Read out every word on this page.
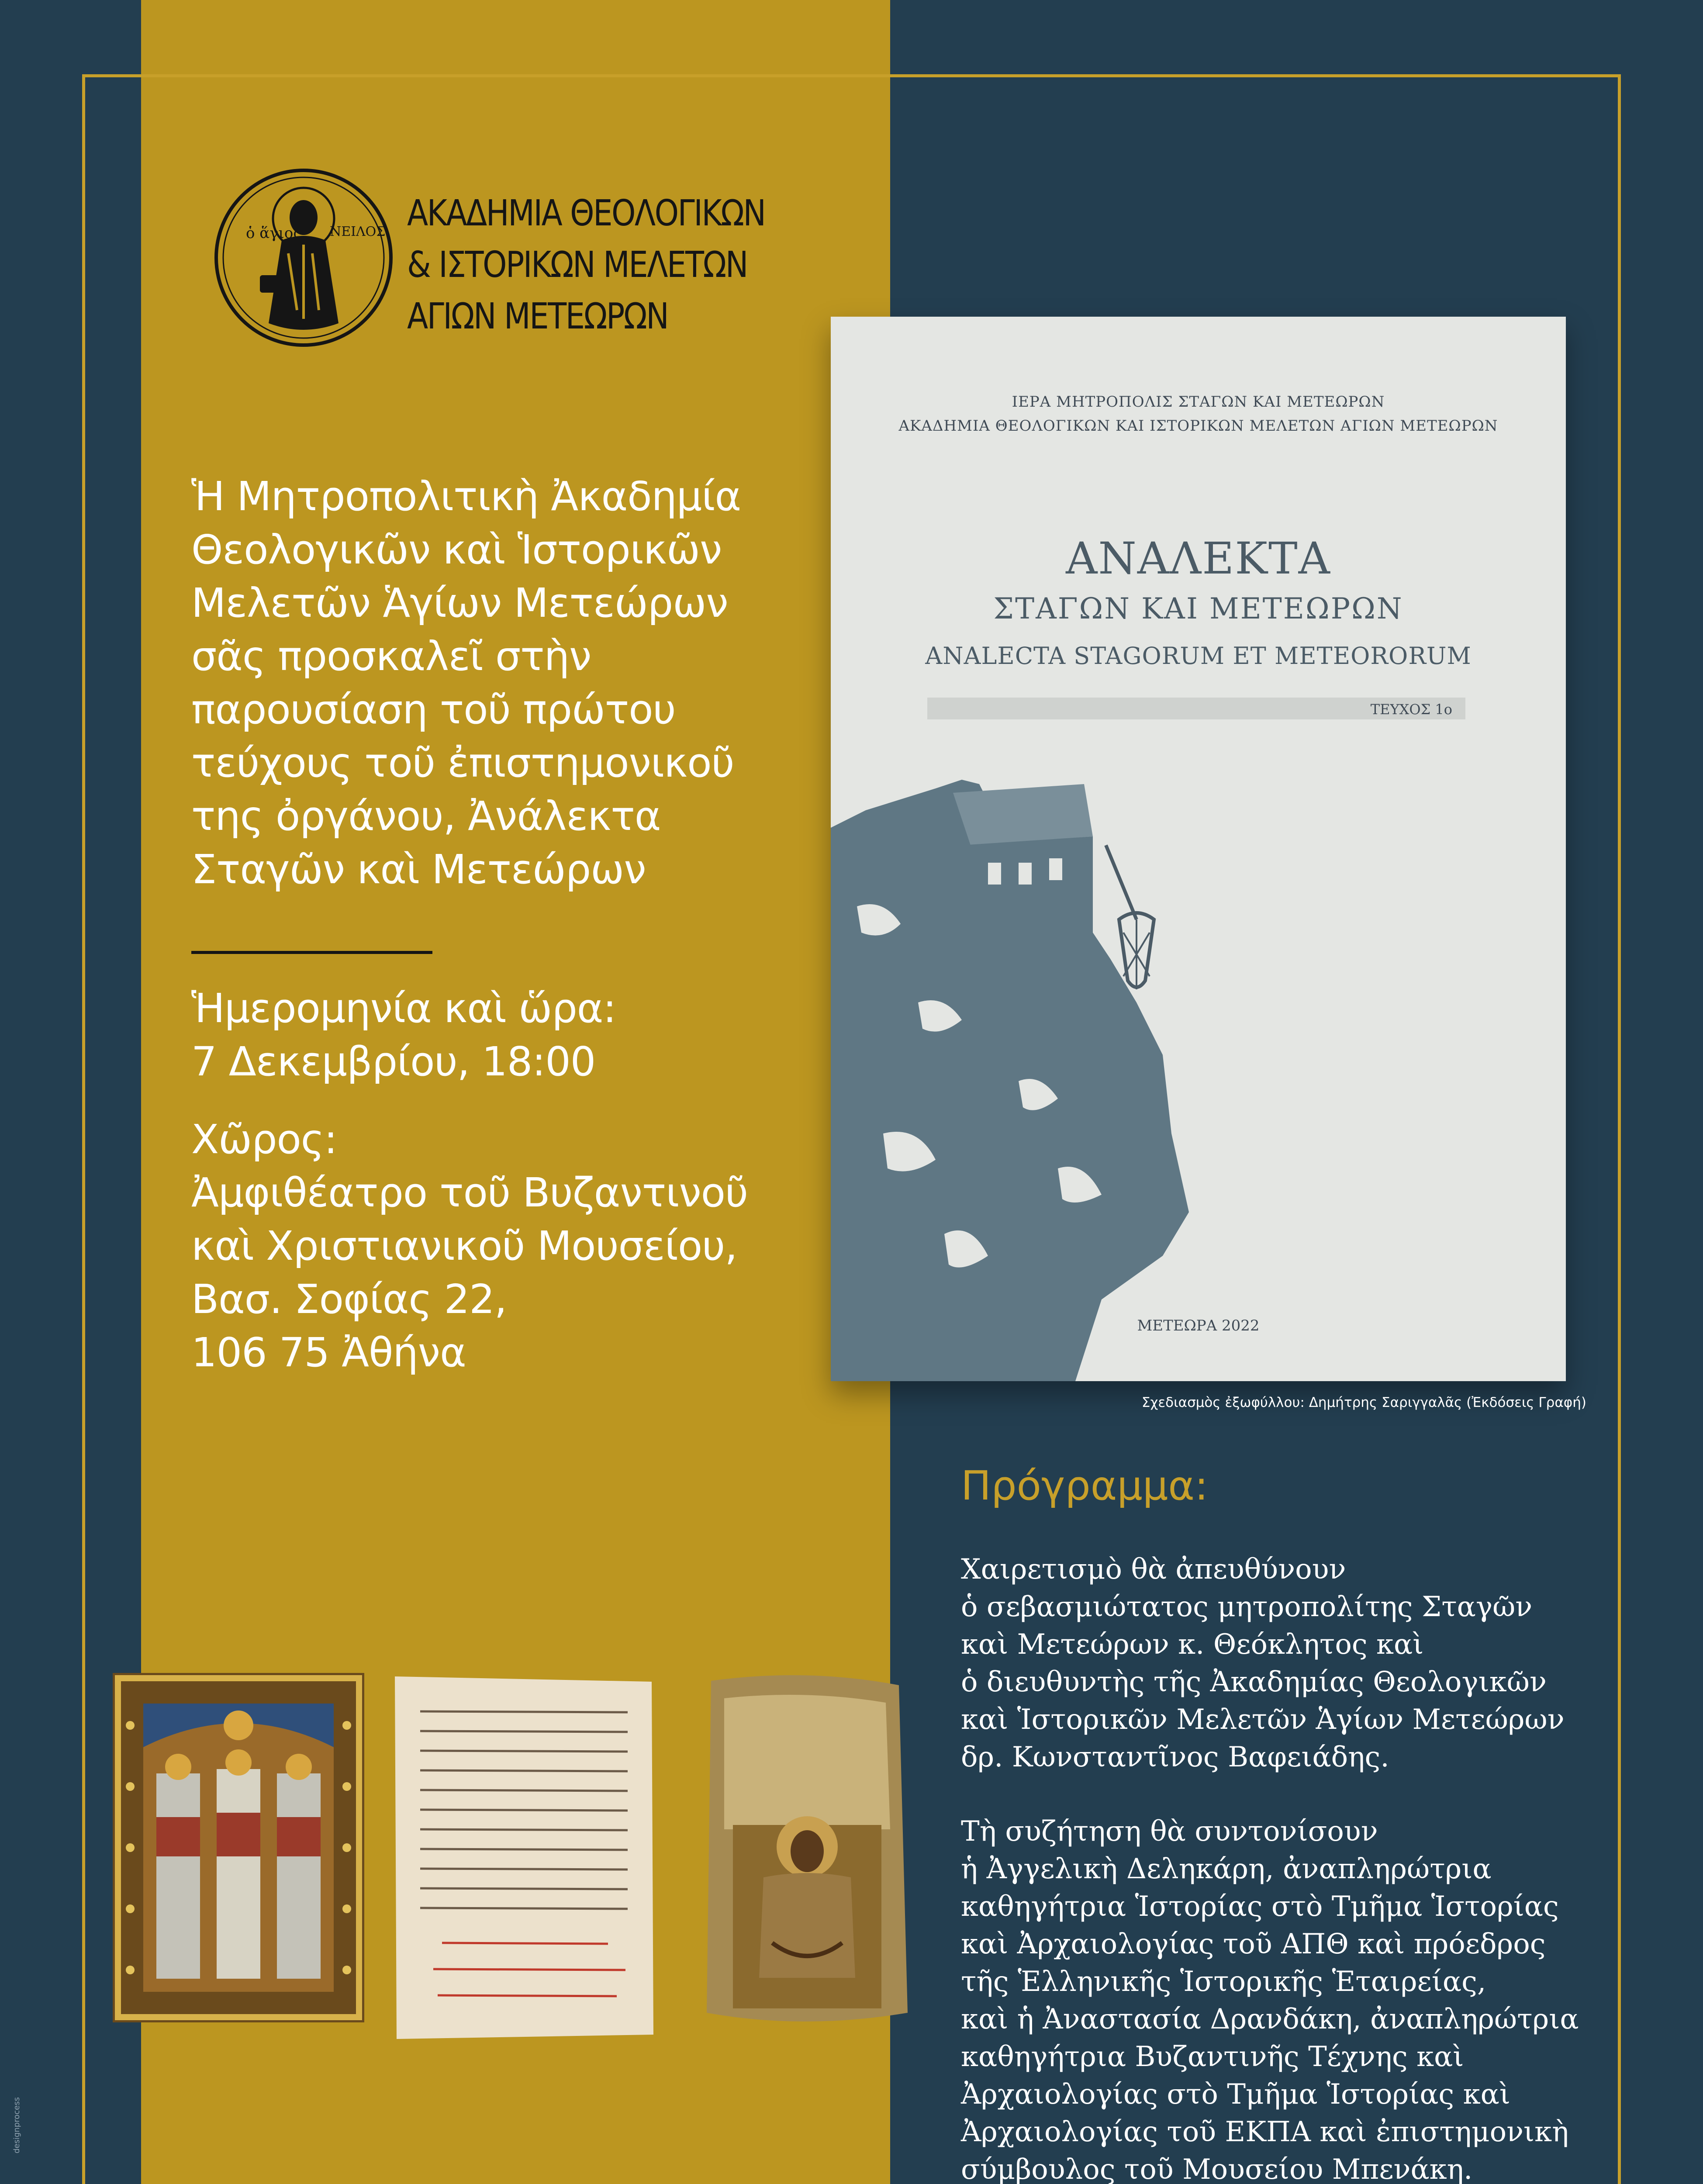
ὁ ἅγιος ΝΕΙΛΟΣ ΑΚΑΔΗΜΙΑ ΘΕΟΛΟΓΙΚΩΝ
& ΙΣΤΟΡΙΚΩΝ ΜΕΛΕΤΩΝ
ΑΓΙΩΝ ΜΕΤΕΩΡΩΝ
Ἡ Μητροπολιτικὴ Ἀκαδημία
Θεολογικῶν καὶ Ἱστορικῶν
Μελετῶν Ἁγίων Μετεώρων
σᾶς προσκαλεῖ στὴν
παρουσίαση τοῦ πρώτου
τεύχους τοῦ ἐπιστημονικοῦ
της ὀργάνου, Ἀνάλεκτα
Σταγῶν καὶ Μετεώρων
Ἡμερομηνία καὶ ὥρα:
7 Δεκεμβρίου, 18:00
Χῶρος:
Ἀμφιθέατρο τοῦ Βυζαντινοῦ
καὶ Χριστιανικοῦ Μουσείου,
Βασ. Σοφίας 22,
106 75 Ἀθήνα
ΙΕΡΑ ΜΗΤΡΟΠΟΛΙΣ ΣΤΑΓΩΝ ΚΑΙ ΜΕΤΕΩΡΩΝ
ΑΚΑΔΗΜΙΑ ΘΕΟΛΟΓΙΚΩΝ ΚΑΙ ΙΣΤΟΡΙΚΩΝ ΜΕΛΕΤΩΝ ΑΓΙΩΝ ΜΕΤΕΩΡΩΝ
ΑΝΑΛΕΚΤΑ
ΣΤΑΓΩΝ ΚΑΙ ΜΕΤΕΩΡΩΝ
ANALECTA STAGORUM ET METEORORUM
ΤΕΥΧΟΣ 1ο
ΜΕΤΕΩΡΑ 2022
Σχεδιασμὸς ἐξωφύλλου: Δημήτρης Σαριγγαλᾶς (Ἐκδόσεις Γραφή)
Πρόγραμμα:
Χαιρετισμὸ θὰ ἀπευθύνουν
ὁ σεβασμιώτατος μητροπολίτης Σταγῶν
καὶ Μετεώρων κ. Θεόκλητος καὶ
ὁ διευθυντὴς τῆς Ἀκαδημίας Θεολογικῶν
καὶ Ἱστορικῶν Μελετῶν Ἁγίων Μετεώρων
δρ. Κωνσταντῖνος Βαφειάδης.
Τὴ συζήτηση θὰ συντονίσουν
ἡ Ἀγγελικὴ Δεληκάρη, ἀναπληρώτρια
καθηγήτρια Ἱστορίας στὸ Τμῆμα Ἱστορίας
καὶ Ἀρχαιολογίας τοῦ ΑΠΘ καὶ πρόεδρος
τῆς Ἑλληνικῆς Ἱστορικῆς Ἑταιρείας,
καὶ ἡ Ἀναστασία Δρανδάκη, ἀναπληρώτρια
καθηγήτρια Βυζαντινῆς Τέχνης καὶ
Ἀρχαιολογίας στὸ Τμῆμα Ἱστορίας καὶ
Ἀρχαιολογίας τοῦ ΕΚΠΑ καὶ ἐπιστημονικὴ
σύμβουλος τοῦ Μουσείου Μπενάκη.
designprocess
